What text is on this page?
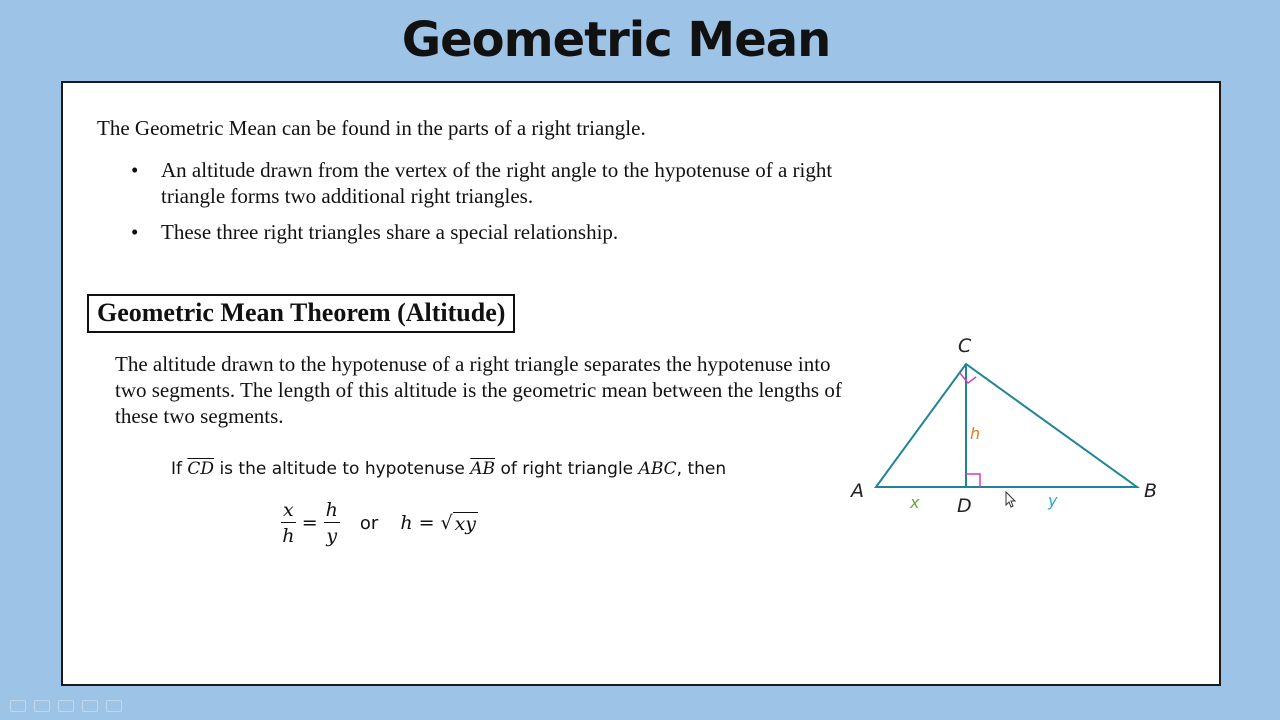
Geometric Mean
The Geometric Mean can be found in the parts of a right triangle.
• An altitude drawn from the vertex of the right angle to the hypotenuse of a right triangle forms two additional right triangles.
• These three right triangles share a special relationship.
Geometric Mean Theorem (Altitude)
The altitude drawn to the hypotenuse of a right triangle separates the hypotenuse into two segments. The length of this altitude is the geometric mean between the lengths of these two segments.
If $\overline{CD}$ is the altitude to hypotenuse $\overline{AB}$ of right triangle ABC, then
$\frac{x}{h} = \frac{h}{y}$ or h = √ xy
C
A	B
D
h
x	y
